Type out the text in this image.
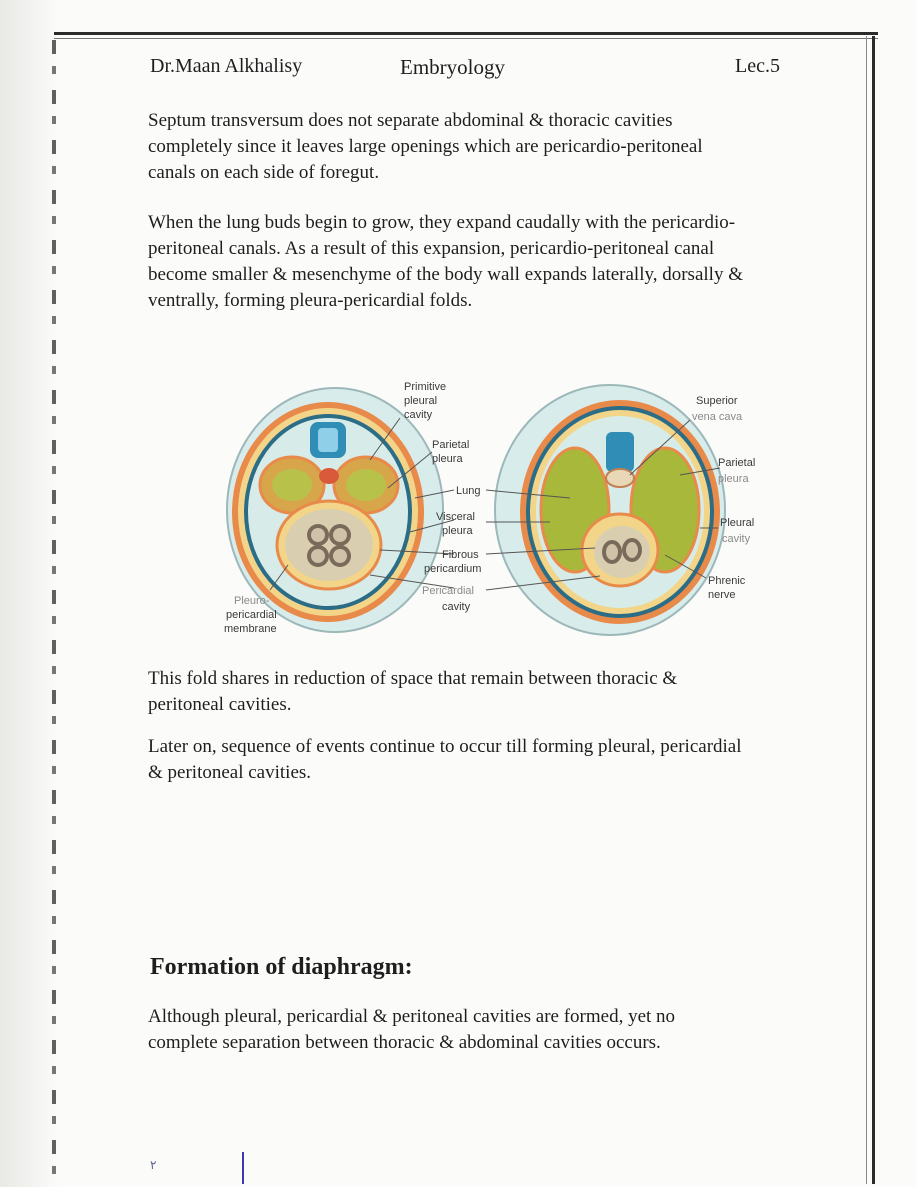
Dr.Maan Alkhalisy	Embryology	Lec.5

Septum transversum does not separate abdominal & thoracic cavities completely since it leaves large openings which are pericardio-peritoneal canals on each side of foregut.

When the lung buds begin to grow, they expand caudally with the pericardio-peritoneal canals. As a result of this expansion, pericardio-peritoneal canal become smaller & mesenchyme of the body wall expands laterally, dorsally & ventrally, forming pleura-pericardial folds.

Primitive
pleural
cavity
Parietal
pleura
Lung
Visceral
pleura
Fibrous
pericardium
Pericardial
cavity
Pleuro-
pericardial
membrane
Superior
vena cava
Parietal
pleura
Pleural
cavity
Phrenic
nerve

This fold shares in reduction of space that remain between thoracic & peritoneal cavities.

Later on, sequence of events continue to occur till forming pleural, pericardial & peritoneal cavities.

Formation of diaphragm:

Although pleural, pericardial & peritoneal cavities are formed, yet no complete separation between thoracic & abdominal cavities occurs.

٢
